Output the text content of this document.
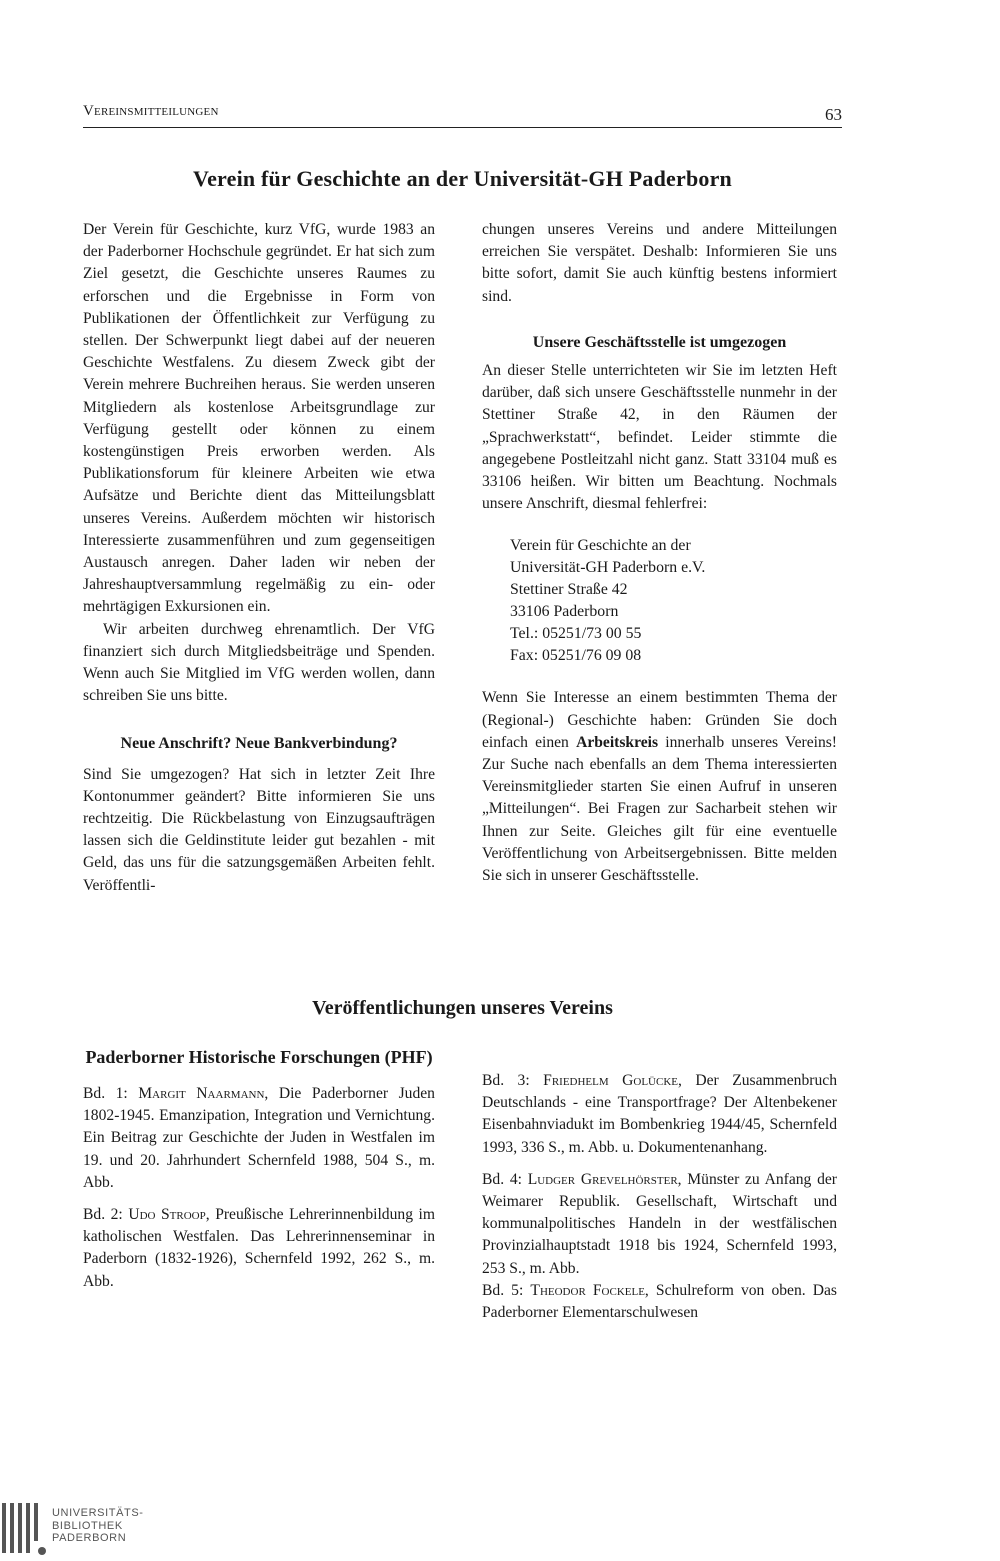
Vereinsmitteilungen	63
Verein für Geschichte an der Universität-GH Paderborn

Der Verein für Geschichte, kurz VfG, wurde 1983 an der Paderborner Hochschule gegründet. Er hat sich zum Ziel gesetzt, die Geschichte unseres Raumes zu erforschen und die Ergebnisse in Form von Publikationen der Öffentlichkeit zur Verfügung zu stellen. Der Schwerpunkt liegt dabei auf der neueren Geschichte Westfalens. Zu diesem Zweck gibt der Verein mehrere Buchreihen heraus. Sie werden unseren Mitgliedern als kostenlose Arbeitsgrundlage zur Verfügung gestellt oder können zu einem kostengünstigen Preis erworben werden. Als Publikationsforum für kleinere Arbeiten wie etwa Aufsätze und Berichte dient das Mitteilungsblatt unseres Vereins. Außerdem möchten wir historisch Interessierte zusammenführen und zum gegenseitigen Austausch anregen. Daher laden wir neben der Jahreshauptversammlung regelmäßig zu ein- oder mehrtägigen Exkursionen ein.

Wir arbeiten durchweg ehrenamtlich. Der VfG finanziert sich durch Mitgliedsbeiträge und Spenden. Wenn auch Sie Mitglied im VfG werden wollen, dann schreiben Sie uns bitte.

Neue Anschrift? Neue Bankverbindung?

Sind Sie umgezogen? Hat sich in letzter Zeit Ihre Kontonummer geändert? Bitte informieren Sie uns rechtzeitig. Die Rückbelastung von Einzugsaufträgen lassen sich die Geldinstitute leider gut bezahlen - mit Geld, das uns für die satzungsgemäßen Arbeiten fehlt. Veröffentli-

chungen unseres Vereins und andere Mitteilungen erreichen Sie verspätet. Deshalb: Informieren Sie uns bitte sofort, damit Sie auch künftig bestens informiert sind.

Unsere Geschäftsstelle ist umgezogen

An dieser Stelle unterrichteten wir Sie im letzten Heft darüber, daß sich unsere Geschäftsstelle nunmehr in der Stettiner Straße 42, in den Räumen der „Sprachwerkstatt“, befindet. Leider stimmte die angegebene Postleitzahl nicht ganz. Statt 33104 muß es 33106 heißen. Wir bitten um Beachtung. Nochmals unsere Anschrift, diesmal fehlerfrei:

Verein für Geschichte an der
Universität-GH Paderborn e.V.
Stettiner Straße 42
33106 Paderborn
Tel.: 05251/73 00 55
Fax: 05251/76 09 08

Wenn Sie Interesse an einem bestimmten Thema der (Regional-) Geschichte haben: Gründen Sie doch einfach einen Arbeitskreis innerhalb unseres Vereins! Zur Suche nach ebenfalls an dem Thema interessierten Vereinsmitglieder starten Sie einen Aufruf in unseren „Mitteilungen“. Bei Fragen zur Sacharbeit stehen wir Ihnen zur Seite. Gleiches gilt für eine eventuelle Veröffentlichung von Arbeitsergebnissen. Bitte melden Sie sich in unserer Geschäftsstelle.

Veröffentlichungen unseres Vereins
Paderborner Historische Forschungen (PHF)

Bd. 1: Margit Naarmann, Die Paderborner Juden 1802-1945. Emanzipation, Integration und Vernichtung. Ein Beitrag zur Geschichte der Juden in Westfalen im 19. und 20. Jahrhundert Schernfeld 1988, 504 S., m. Abb.

Bd. 2: Udo Stroop, Preußische Lehrerinnenbildung im katholischen Westfalen. Das Lehrerinnenseminar in Paderborn (1832-1926), Schernfeld 1992, 262 S., m. Abb.

Bd. 3: Friedhelm Golücke, Der Zusammenbruch Deutschlands - eine Transportfrage? Der Altenbekener Eisenbahnviadukt im Bombenkrieg 1944/45, Schernfeld 1993, 336 S., m. Abb. u. Dokumentenanhang.

Bd. 4: Ludger Grevelhörster, Münster zu Anfang der Weimarer Republik. Gesellschaft, Wirtschaft und kommunalpolitisches Handeln in der westfälischen Provinzialhauptstadt 1918 bis 1924, Schernfeld 1993, 253 S., m. Abb.

Bd. 5: Theodor Fockele, Schulreform von oben. Das Paderborner Elementarschulwesen

UNIVERSITÄTS-
BIBLIOTHEK
PADERBORN
